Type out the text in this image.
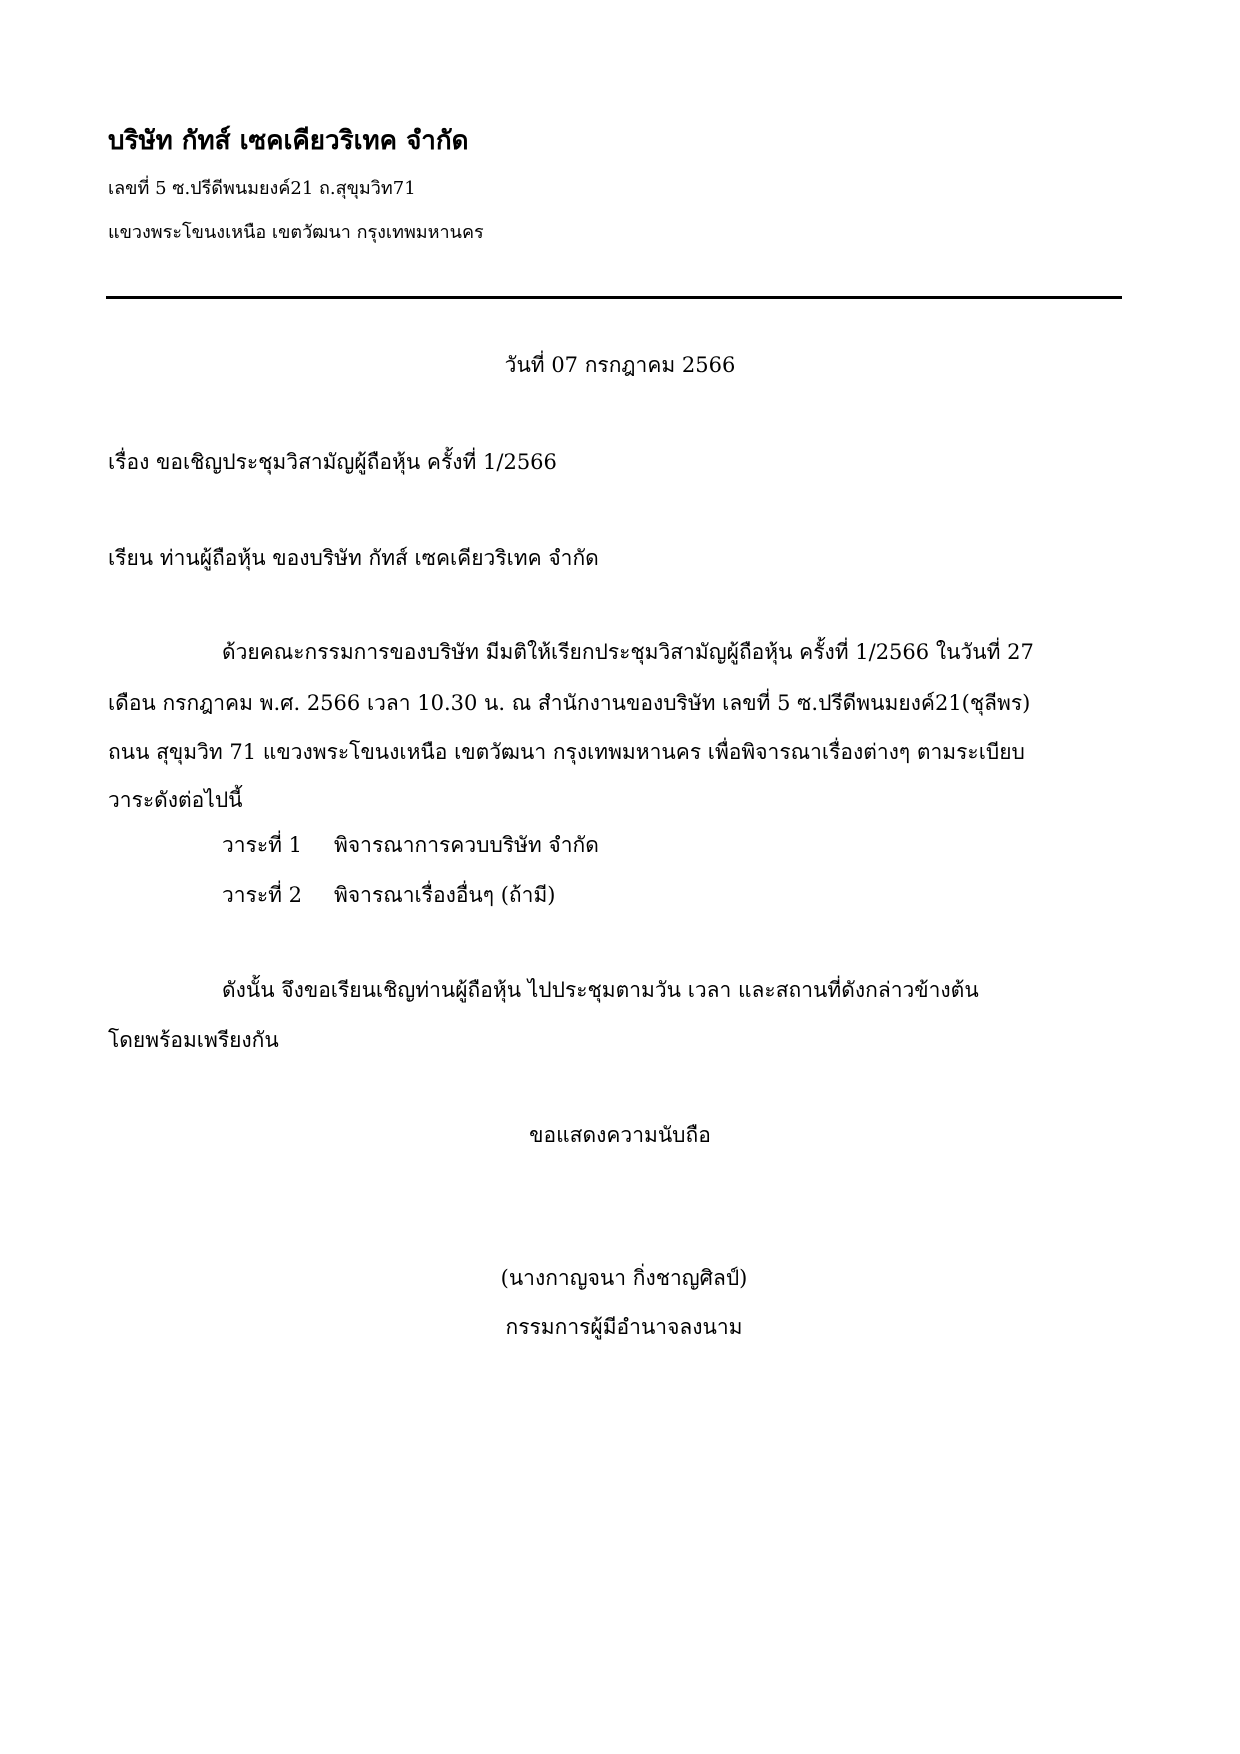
บริษัท กัทส์ เซคเคียวริเทค จำกัด
เลขที่ 5 ซ.ปรีดีพนมยงค์21 ถ.สุขุมวิท71
แขวงพระโขนงเหนือ เขตวัฒนา กรุงเทพมหานคร
วันที่ 07 กรกฎาคม 2566
เรื่อง ขอเชิญประชุมวิสามัญผู้ถือหุ้น ครั้งที่ 1/2566
เรียน ท่านผู้ถือหุ้น ของบริษัท กัทส์ เซคเคียวริเทค จำกัด
ด้วยคณะกรรมการของบริษัท มีมติให้เรียกประชุมวิสามัญผู้ถือหุ้น ครั้งที่ 1/2566 ในวันที่ 27
เดือน กรกฎาคม พ.ศ. 2566 เวลา 10.30 น. ณ สำนักงานของบริษัท เลขที่ 5 ซ.ปรีดีพนมยงค์21(ชุลีพร)
ถนน สุขุมวิท 71 แขวงพระโขนงเหนือ เขตวัฒนา กรุงเทพมหานคร เพื่อพิจารณาเรื่องต่างๆ ตามระเบียบ
วาระดังต่อไปนี้
วาระที่ 1 พิจารณาการควบบริษัท จำกัด
วาระที่ 2 พิจารณาเรื่องอื่นๆ (ถ้ามี)
ดังนั้น จึงขอเรียนเชิญท่านผู้ถือหุ้น ไปประชุมตามวัน เวลา และสถานที่ดังกล่าวข้างต้น
โดยพร้อมเพรียงกัน
ขอแสดงความนับถือ
(นางกาญจนา กิ่งชาญศิลป์)
กรรมการผู้มีอำนาจลงนาม
